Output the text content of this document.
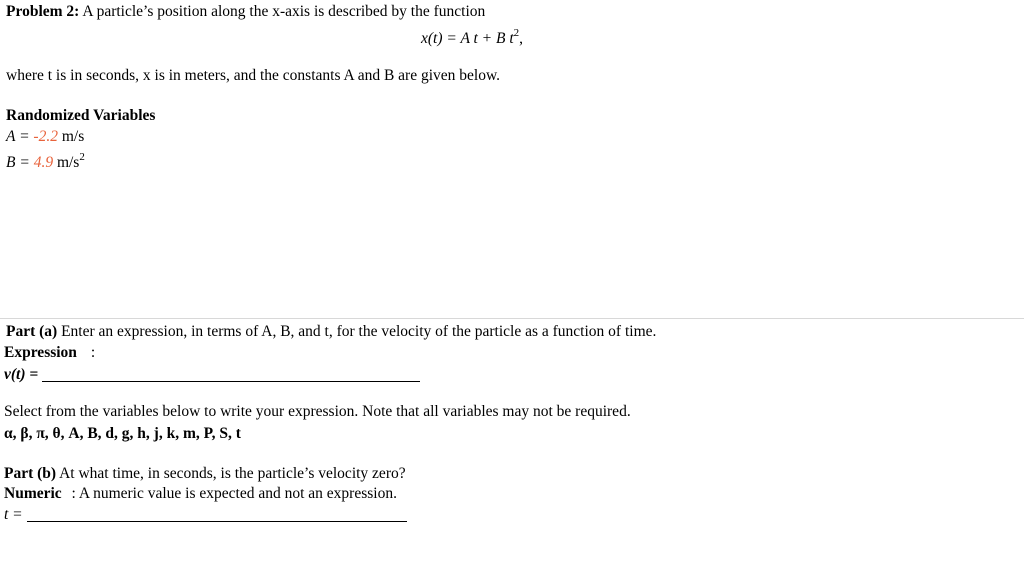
Problem 2: A particle’s position along the x-axis is described by the function
x(t) = A t + B $t^2$,
where t is in seconds, x is in meters, and the constants A and B are given below.
Randomized Variables
A = -2.2 m/s
B = 4.9 $m/s^2$
Part (a) Enter an expression, in terms of A, B, and t, for the velocity of the particle as a function of time.
Expression :
v(t) =
Select from the variables below to write your expression. Note that all variables may not be required.
α, β, π, θ, A, B, d, g, h, j, k, m, P, S, t
Part (b) At what time, in seconds, is the particle’s velocity zero?
Numeric : A numeric value is expected and not an expression.
t =
